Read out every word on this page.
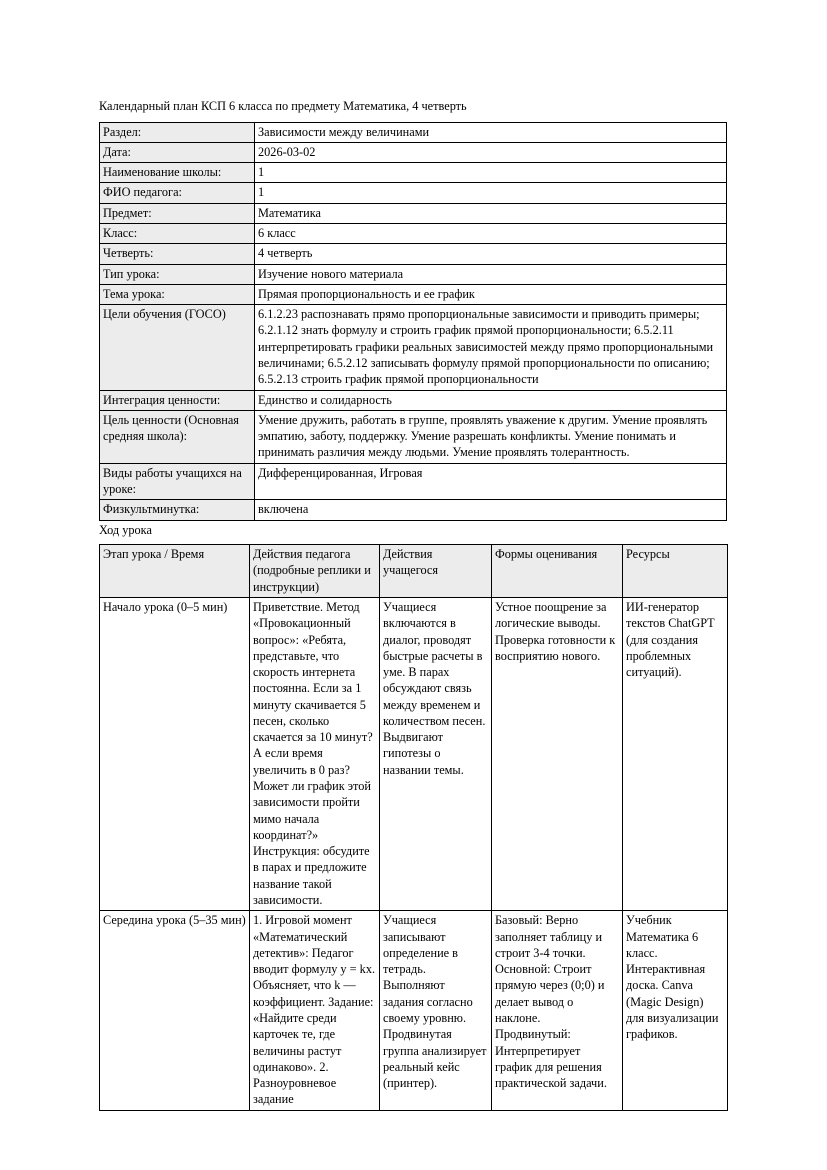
Календарный план КСП 6 класса по предмету Математика, 4 четверть

Раздел:	Зависимости между величинами
Дата:	2026-03-02
Наименование школы:	1
ФИО педагога:	1
Предмет:	Математика
Класс:	6 класс
Четверть:	4 четверть
Тип урока:	Изучение нового материала
Тема урока:	Прямая пропорциональность и ее график
Цели обучения (ГОСО)	6.1.2.23 распознавать прямо пропорциональные зависимости и приводить примеры; 6.2.1.12 знать формулу и строить график прямой пропорциональности; 6.5.2.11 интерпретировать графики реальных зависимостей между прямо пропорциональными величинами; 6.5.2.12 записывать формулу прямой пропорциональности по описанию; 6.5.2.13 строить график прямой пропорциональности
Интеграция ценности:	Единство и солидарность
Цель ценности (Основная средняя школа):	Умение дружить, работать в группе, проявлять уважение к другим. Умение проявлять эмпатию, заботу, поддержку. Умение разрешать конфликты. Умение понимать и принимать различия между людьми. Умение проявлять толерантность.
Виды работы учащихся на уроке:	Дифференцированная, Игровая
Физкультминутка:	включена

Ход урока

Этап урока / Время	Действия педагога (подробные реплики и инструкции)	Действия учащегося	Формы оценивания	Ресурсы
Начало урока (0–5 мин)	Приветствие. Метод «Провокационный вопрос»: «Ребята, представьте, что скорость интернета постоянна. Если за 1 минуту скачивается 5 песен, сколько скачается за 10 минут? А если время увеличить в 0 раз? Может ли график этой зависимости пройти мимо начала координат?» Инструкция: обсудите в парах и предложите название такой зависимости.	Учащиеся включаются в диалог, проводят быстрые расчеты в уме. В парах обсуждают связь между временем и количеством песен. Выдвигают гипотезы о названии темы.	Устное поощрение за логические выводы. Проверка готовности к восприятию нового.	ИИ-генератор текстов ChatGPT (для создания проблемных ситуаций).
Середина урока (5–35 мин)	1. Игровой момент «Математический детектив»: Педагог вводит формулу y = kx. Объясняет, что k — коэффициент. Задание: «Найдите среди карточек те, где величины растут одинаково». 2. Разноуровневое задание	Учащиеся записывают определение в тетрадь. Выполняют задания согласно своему уровню. Продвинутая группа анализирует реальный кейс (принтер).	Базовый: Верно заполняет таблицу и строит 3-4 точки. Основной: Строит прямую через (0;0) и делает вывод о наклоне. Продвинутый: Интерпретирует график для решения практической задачи.	Учебник Математика 6 класс. Интерактивная доска. Canva (Magic Design) для визуализации графиков.
